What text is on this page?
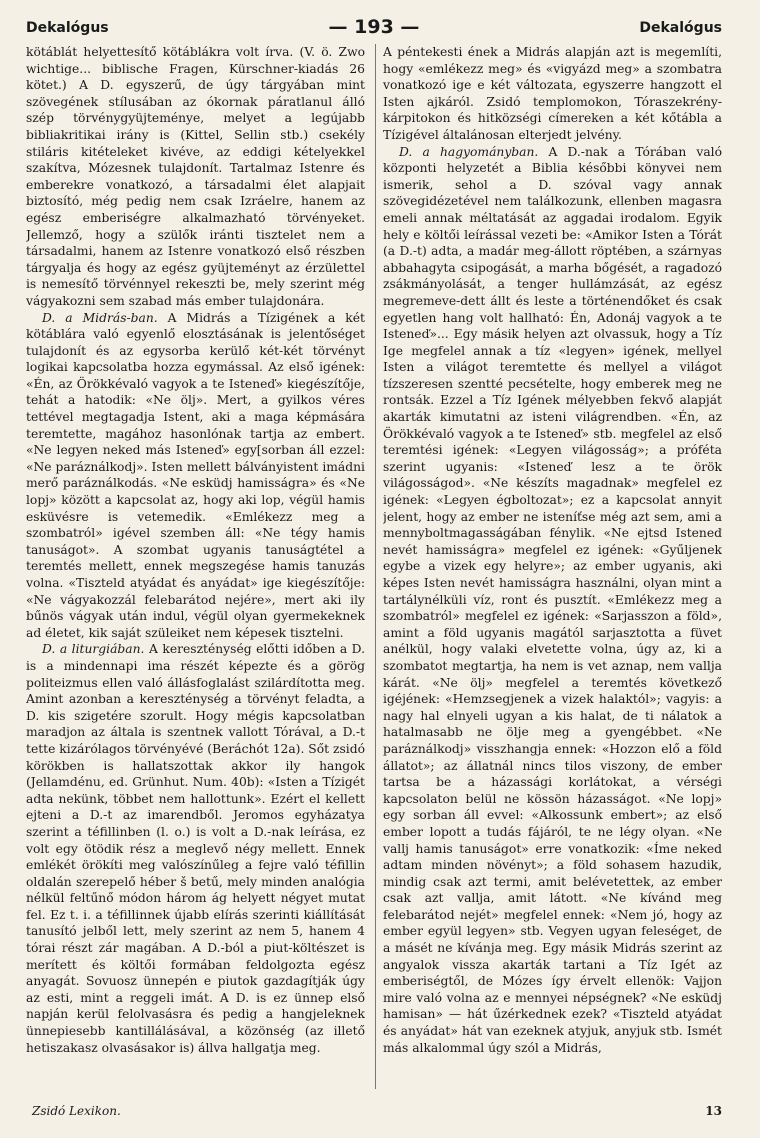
Dekalógus	— 193 —	Dekalógus

kötáblát helyettesítő kötáblákra volt írva. (V. ö. Zwo wichtige... biblische Fragen, Kürschner-kiadás 26 kötet.) A D. egyszerű, de úgy tárgyában mint szövegének stílusában az ókornak páratlanul álló szép törvénygyüjteménye, melyet a legújabb bibliakritikai irány is (Kittel, Sellin stb.) csekély stiláris kitételeket kivéve, az eddigi kételyekkel szakítva, Mózesnek tulajdonít. Tartalmaz Istenre és emberekre vonatkozó, a társadalmi élet alapjait biztosító, még pedig nem csak Izráelre, hanem az egész emberiségre alkalmazható törvényeket. Jellemző, hogy a szülők iránti tisztelet nem a társadalmi, hanem az Istenre vonatkozó első részben tárgyalja és hogy az egész gyüjteményt az érzülettel is nemesítő törvénnyel rekeszti be, mely szerint még vágyakozni sem szabad más ember tulajdonára.

D. a Midrás-ban. A Midrás a Tízigének a két kötáblára való egyenlő elosztásának is jelentőséget tulajdonít és az egysorba kerülő két-két törvényt logikai kapcsolatba hozza egymással. Az első igének: «Én, az Örökkévaló vagyok a te Isteneď» kiegészítője, tehát a hatodik: «Ne ölj». Mert, a gyilkos véres tettével megtagadja Istent, aki a maga képmására teremtette, magához hasonlónak tartja az embert. «Ne legyen neked más Isteneď» egy[sorban áll ezzel: «Ne paráználkodj». Isten mellett bálványistent imádni merő paráználkodás. «Ne esküdj hamisságra» és «Ne lopj» között a kapcsolat az, hogy aki lop, végül hamis esküvésre is vetemedik. «Emlékezz meg a szombatról» igével szemben áll: «Ne tégy hamis tanuságot». A szombat ugyanis tanuságtétel a teremtés mellett, ennek megszegése hamis tanuzás volna. «Tiszteld atyádat és anyádat» ige kiegészítője: «Ne vágyakozzál felebarátod nejére», mert aki ily bűnös vágyak után indul, végül olyan gyermekeknek ad életet, kik saját szüleiket nem képesek tisztelni.

D. a liturgiában. A kereszténység előtti időben a D. is a mindennapi ima részét képezte és a görög politeizmus ellen való állásfoglalást szilárdította meg. Amint azonban a kereszténység a törvényt feladta, a D. kis szigetére szorult. Hogy mégis kapcsolatban maradjon az általa is szentnek vallott Tórával, a D.-t tette kizárólagos törvényévé (Beráchót 12a). Sőt zsidó körökben is hallatszottak akkor ily hangok (Jellamdénu, ed. Grünhut. Num. 40b): «Isten a Tízigét adta nekünk, többet nem hallottunk». Ezért el kellett ejteni a D.-t az imarendből. Jeromos egyházatya szerint a téfillinben (l. o.) is volt a D.-nak leírása, ez volt egy ötödik rész a meglevő négy mellett. Ennek emlékét örökíti meg valószínűleg a fejre való téfillin oldalán szerepelő héber š betű, mely minden analógia nélkül feltűnő módon három ág helyett négyet mutat fel. Ez t. i. a téfillinnek újabb elírás szerinti kiállítását tanusító jelből lett, mely szerint az nem 5, hanem 4 tórai részt zár magában. A D.-ból a piut-költészet is merített és költői formában feldolgozta egész anyagát. Sovuosz ünnepén e piutok gazdagítják úgy az esti, mint a reggeli imát. A D. is ez ünnep első napján kerül felolvasásra és pedig a hangjeleknek ünnepiesebb kantillálásával, a közönség (az illető hetiszakasz olvasásakor is) állva hallgatja meg.

A péntekesti ének a Midrás alapján azt is megemlíti, hogy «emlékezz meg» és «vigyázd meg» a szombatra vonatkozó ige e két változata, egyszerre hangzott el Isten ajkáról. Zsidó templomokon, Tóraszekrény-kárpitokon és hitközségi címereken a két kőtábla a Tízigével általánosan elterjedt jelvény.

D. a hagyományban. A D.-nak a Tórában való központi helyzetét a Biblia későbbi könyvei nem ismerik, sehol a D. szóval vagy annak szövegidézetével nem találkozunk, ellenben magasra emeli annak méltatását az aggadai irodalom. Egyik hely e költői leírással vezeti be: «Amikor Isten a Tórát (a D.-t) adta, a madár meg-állott röptében, a szárnyas abbahagyta csipogását, a marha bőgését, a ragadozó zsákmányolását, a tenger hullámzását, az egész megremeve-dett állt és leste a történendőket és csak egyetlen hang volt hallható: Én, Adonáj vagyok a te Isteneď»... Egy másik helyen azt olvassuk, hogy a Tíz Ige megfelel annak a tíz «legyen» igének, mellyel Isten a világot teremtette és mellyel a világot tízszeresen szentté pecsételte, hogy emberek meg ne rontsák. Ezzel a Tíz Igének mélyebben fekvő alapját akarták kimutatni az isteni világrendben. «Én, az Örökkévaló vagyok a te Isteneď» stb. megfelel az első teremtési igének: «Legyen világosság»; a próféta szerint ugyanis: «Isteneď lesz a te örök világosságod». «Ne készíts magadnak» megfelel ez igének: «Legyen égboltozat»; ez a kapcsolat annyit jelent, hogy az ember ne isteníťse még azt sem, ami a mennyboltmagasságában fénylik. «Ne ejtsd Isteneď nevét hamisságra» megfelel ez igének: «Gyűljenek egybe a vizek egy helyre»; az ember ugyanis, aki képes Isten nevét hamisságra használni, olyan mint a tartálynélküli víz, ront és pusztít. «Emlékezz meg a szombatról» megfelel ez igének: «Sarjasszon a föld», amint a föld ugyanis magától sarjasztotta a füvet anélkül, hogy valaki elvetette volna, úgy az, ki a szombatot megtartja, ha nem is vet aznap, nem vallja kárát. «Ne ölj» megfelel a teremtés következő igéjének: «Hemzsegjenek a vizek halaktól»; vagyis: a nagy hal elnyeli ugyan a kis halat, de ti nálatok a hatalmasabb ne ölje meg a gyengébbet. «Ne paráználkodj» visszhangja ennek: «Hozzon elő a föld állatot»; az állatnál nincs tilos viszony, de ember tartsa be a házassági korlátokat, a vérségi kapcsolaton belül ne kössön házasságot. «Ne lopj» egy sorban áll evvel: «Alkossunk embert»; az első ember lopott a tudás fájáról, te ne légy olyan. «Ne vallj hamis tanuságot» erre vonatkozik: «Íme neked adtam minden növényt»; a föld sohasem hazudik, mindig csak azt termi, amit belévetettek, az ember csak azt vallja, amit látott. «Ne kívánd meg felebarátod nejét» megfelel ennek: «Nem jó, hogy az ember együl legyen» stb. Vegyen ugyan feleséget, de a másét ne kívánja meg. Egy másik Midrás szerint az angyalok vissza akarták tartani a Tíz Igét az emberiségtől, de Mózes így érvelt ellenök: Vajjon mire való volna az e mennyei népségnek? «Ne esküdj hamisan» — hát űzérkednek ezek? «Tiszteld atyádat és anyádat» hát van ezeknek atyjuk, anyjuk stb. Ismét más alkalommal úgy szól a Midrás,

Zsidó Lexikon.	13
